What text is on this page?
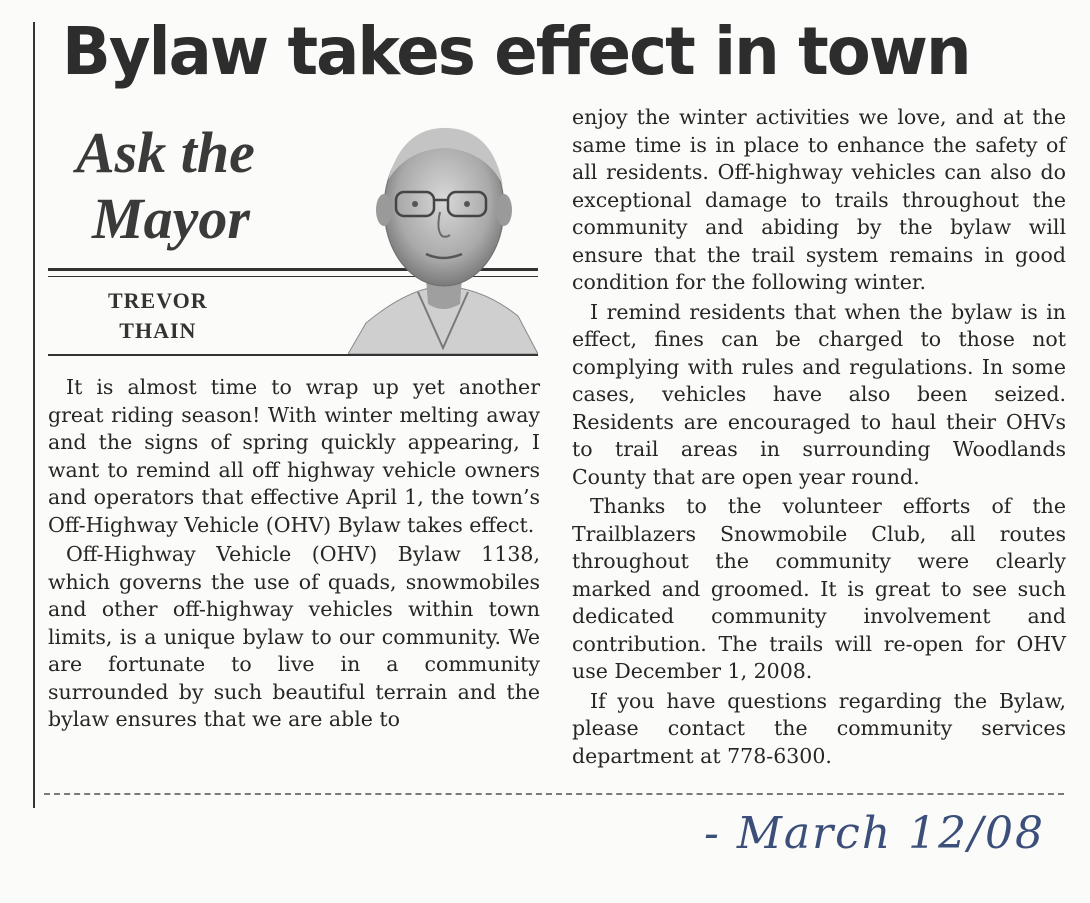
Bylaw takes effect in town
Ask the
Mayor
TREVOR
THAIN

It is almost time to wrap up yet another great riding season! With winter melting away and the signs of spring quickly appearing, I want to remind all off highway vehicle owners and operators that effective April 1, the town’s Off-Highway Vehicle (OHV) Bylaw takes effect.

Off-Highway Vehicle (OHV) Bylaw 1138, which governs the use of quads, snowmobiles and other off-highway vehicles within town limits, is a unique bylaw to our community. We are fortunate to live in a community surrounded by such beautiful terrain and the bylaw ensures that we are able to

enjoy the winter activities we love, and at the same time is in place to enhance the safety of all residents. Off-highway vehicles can also do exceptional damage to trails throughout the community and abiding by the bylaw will ensure that the trail system remains in good condition for the following winter.

I remind residents that when the bylaw is in effect, fines can be charged to those not complying with rules and regulations. In some cases, vehicles have also been seized. Residents are encouraged to haul their OHVs to trail areas in surrounding Woodlands County that are open year round.

Thanks to the volunteer efforts of the Trailblazers Snowmobile Club, all routes throughout the community were clearly marked and groomed. It is great to see such dedicated community involvement and contribution. The trails will re-open for OHV use December 1, 2008.

If you have questions regarding the Bylaw, please contact the community services department at 778-6300.

- March 12/08
